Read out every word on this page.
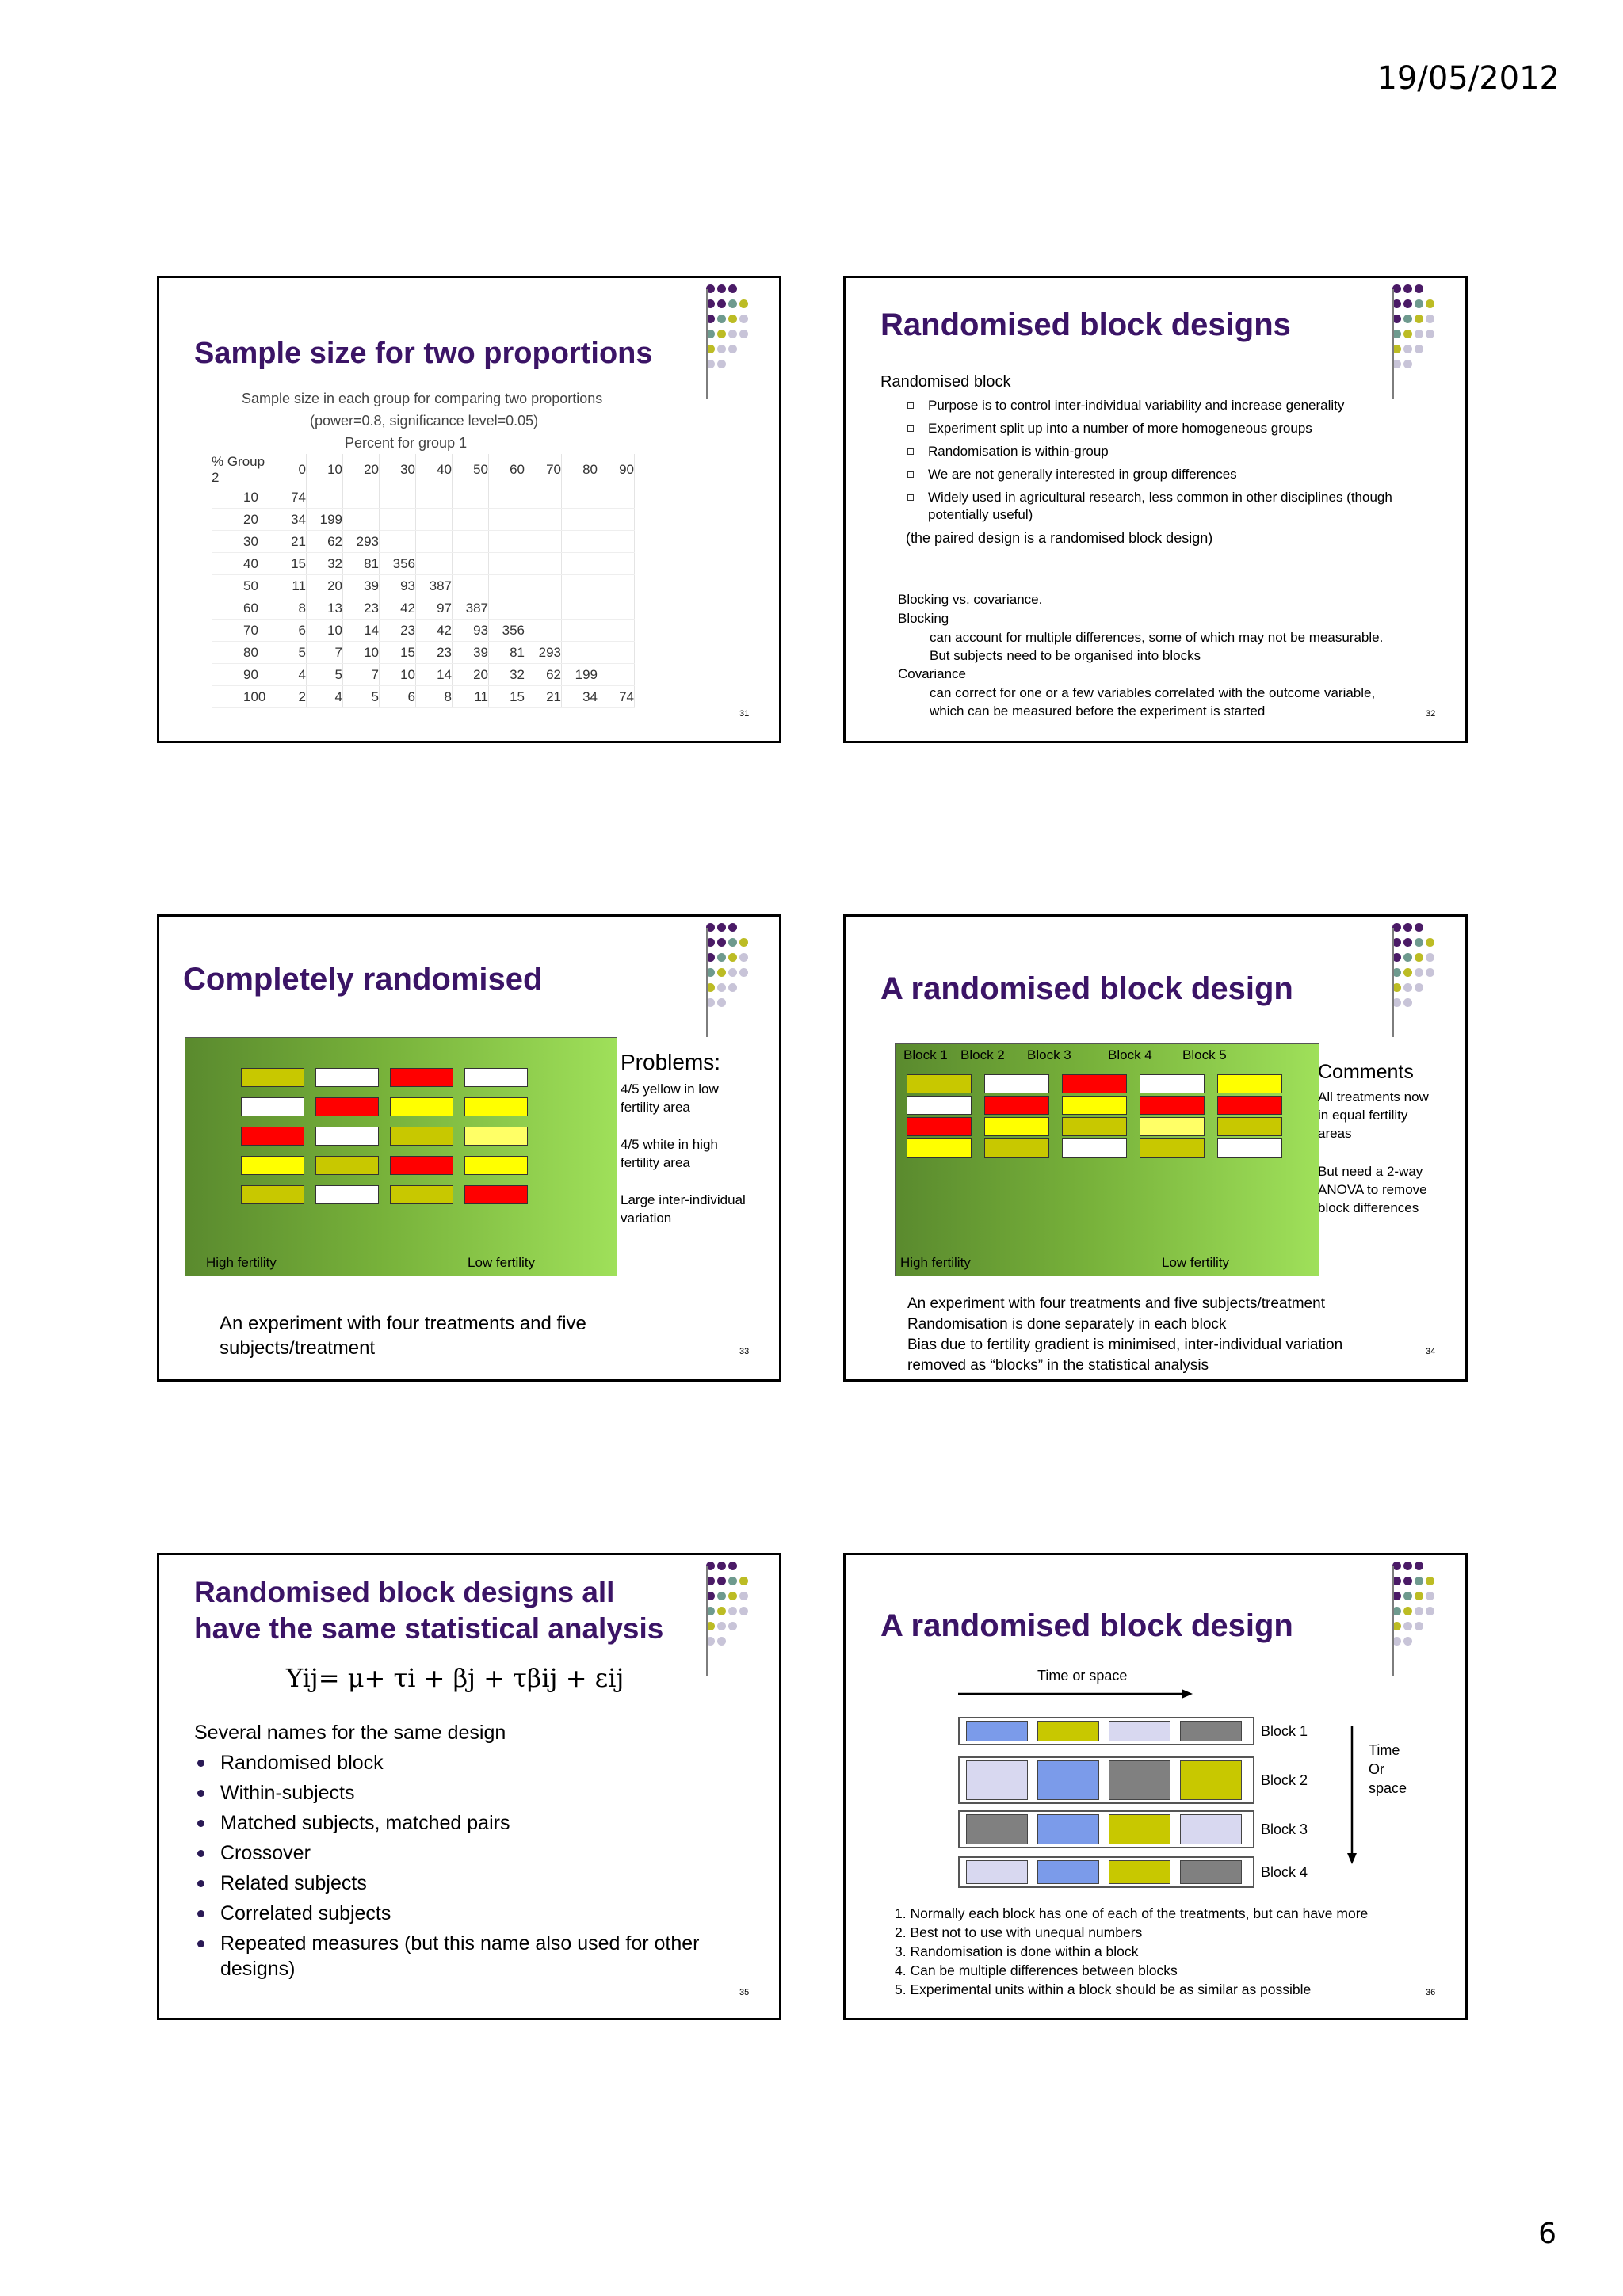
19/05/2012
Sample size for two proportions
Sample size in each group for comparing two proportions
(power=0.8, significance level=0.05)
Percent for group 1
% Group 2	0	10	20	30	40	50	60	70	80	90
10	74									
20	34	199								
30	21	62	293							
40	15	32	81	356						
50	11	20	39	93	387					
60	8	13	23	42	97	387				
70	6	10	14	23	42	93	356			
80	5	7	10	15	23	39	81	293		
90	4	5	7	10	14	20	32	62	199	
100	2	4	5	6	8	11	15	21	34	74
31
Randomised block designs
Randomised block
Purpose is to control inter-individual variability and increase generality
Experiment split up into a number of more homogeneous groups
Randomisation is within-group
We are not generally interested in group differences
Widely used in agricultural research, less common in other disciplines (though potentially useful)
(the paired design is a randomised block design)
Blocking vs. covariance.
Blocking
can account for multiple differences, some of which may not be measurable. But subjects need to be organised into blocks
Covariance
can correct for one or a few variables correlated with the outcome variable, which can be measured before the experiment is started	32
Completely randomised
High fertility	Low fertility
Problems:
4/5 yellow in low fertility area
4/5 white in high fertility area
Large inter-individual variation
An experiment with four treatments and five subjects/treatment	33
A randomised block design
High fertility	Low fertility
Block 1 Block 2 Block 3	Block 4 Block 5
Comments
All treatments now in equal fertility areas
But need a 2-way ANOVA to remove block differences
An experiment with four treatments and five subjects/treatment
Randomisation is done separately in each block
Bias due to fertility gradient is minimised, inter-individual variation
removed as “blocks” in the statistical analysis
34
Randomised block designs all
have the same statistical analysis
Yij= μ+ τi + βj + τβij + εij
Several names for the same design
Randomised block
Within-subjects
Matched subjects, matched pairs
Crossover
Related subjects
Correlated subjects
Repeated measures (but this name also used for other designs)
35
A randomised block design
Time or space
Block 1
Block 2
Block 3
Block 4
Time
Or
space
1. Normally each block has one of each of the treatments, but can have more
2. Best not to use with unequal numbers
3. Randomisation is done within a block
4. Can be multiple differences between blocks
5. Experimental units within a block should be as similar as possible	36
6
